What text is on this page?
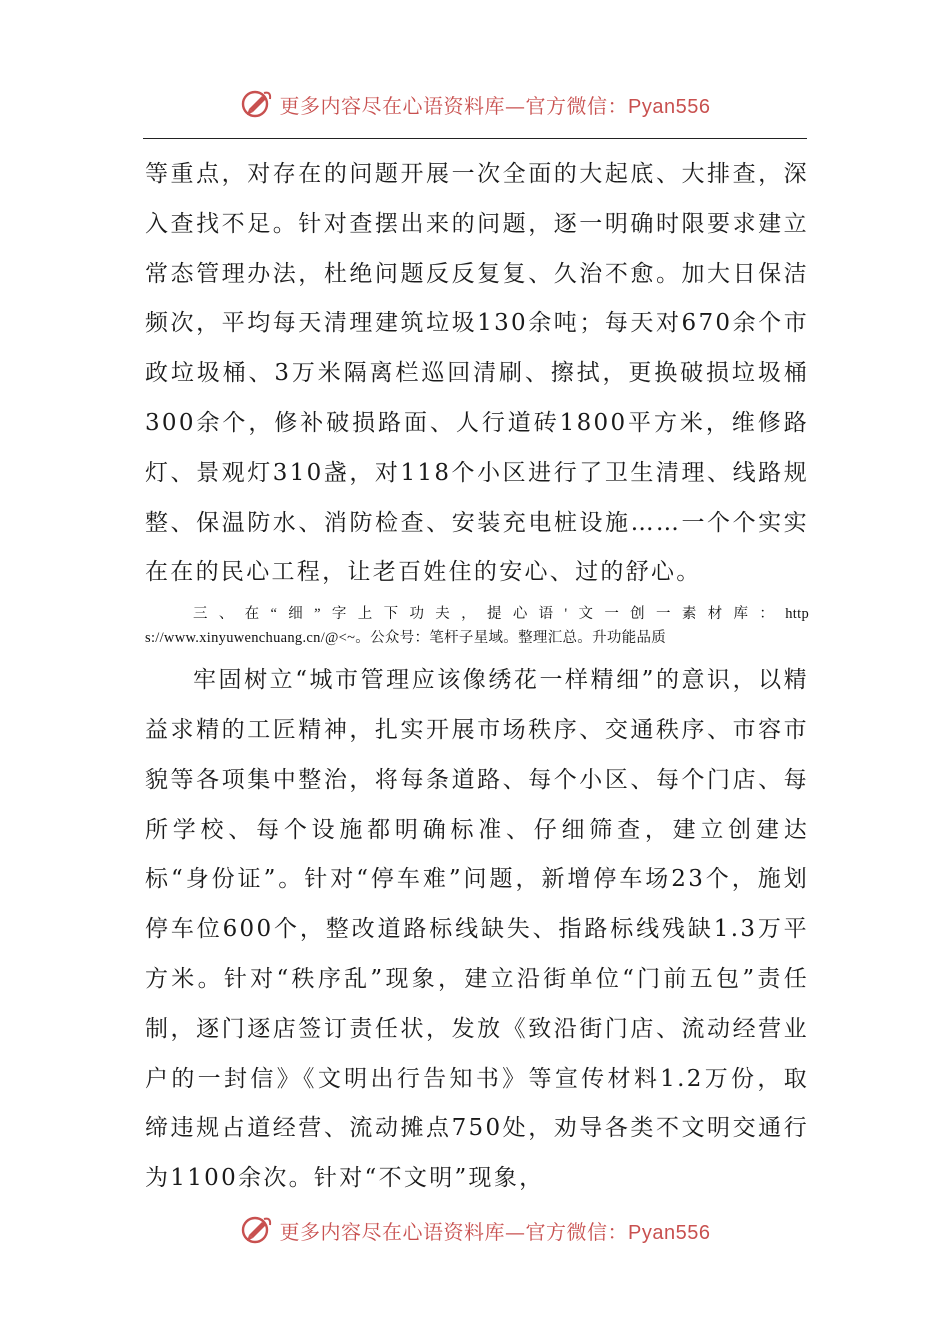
更多内容尽在心语资料库—官方微信：Pyan556

等重点，对存在的问题开展一次全面的大起底、大排查，深入查找不足。针对查摆出来的问题，逐一明确时限要求建立常态管理办法，杜绝问题反反复复、久治不愈。加大日保洁频次，平均每天清理建筑垃圾130余吨；每天对670余个市政垃圾桶、3万米隔离栏巡回清刷、擦拭，更换破损垃圾桶300余个，修补破损路面、人行道砖1800平方米，维修路灯、景观灯310盏，对118个小区进行了卫生清理、线路规整、保温防水、消防检查、安装充电桩设施……一个个实实在在的民心工程，让老百姓住的安心、过的舒心。

三、在“细”字上下功夫，提心语'文一创一素材库：https://www.xinyuwenchuang.cn/@<~。公众号：笔杆子星域。整理汇总。升功能品质

牢固树立“城市管理应该像绣花一样精细”的意识，以精益求精的工匠精神，扎实开展市场秩序、交通秩序、市容市貌等各项集中整治，将每条道路、每个小区、每个门店、每所学校、每个设施都明确标准、仔细筛查，建立创建达标“身份证”。针对“停车难”问题，新增停车场23个，施划停车位600个，整改道路标线缺失、指路标线残缺1.3万平方米。针对“秩序乱”现象，建立沿街单位“门前五包”责任制，逐门逐店签订责任状，发放《致沿街门店、流动经营业户的一封信》《文明出行告知书》等宣传材料1.2万份，取缔违规占道经营、流动摊点750处，劝导各类不文明交通行为1100余次。针对“不文明”现象，

更多内容尽在心语资料库—官方微信：Pyan556
